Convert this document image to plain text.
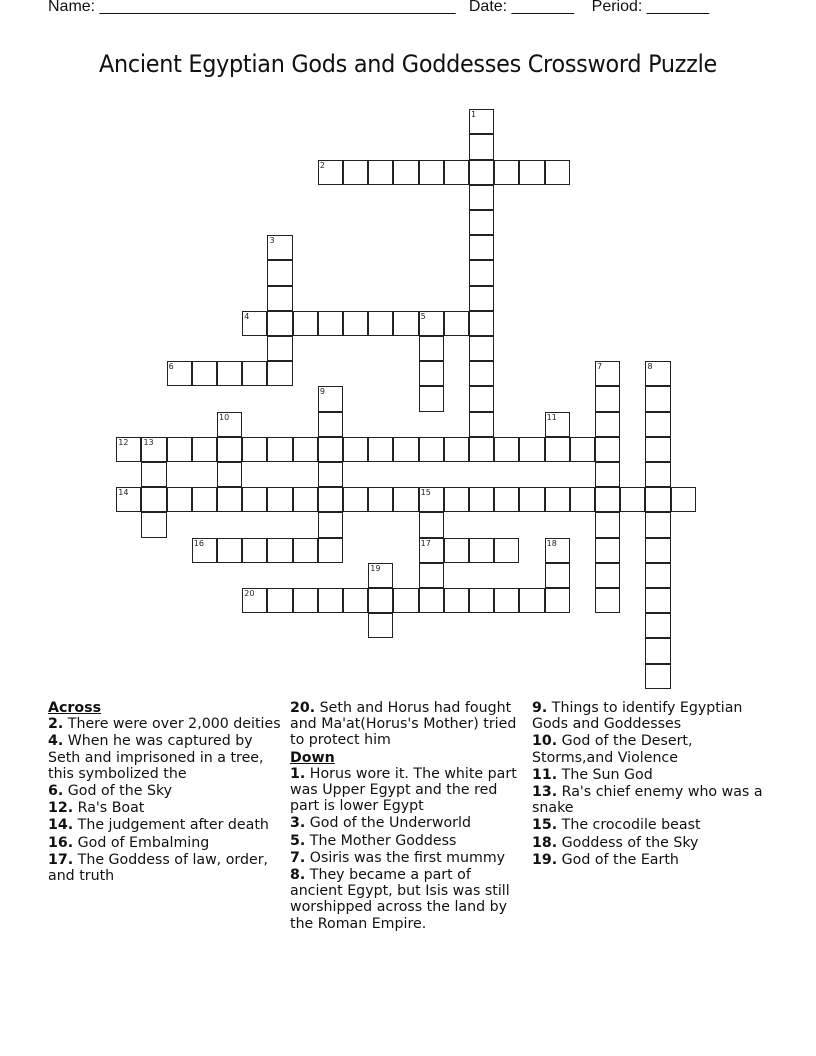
Name: ________________________________________ Date: _______ Period: _______
Ancient Egyptian Gods and Goddesses Crossword Puzzle
1
2
3
4	5
6	7	8
9
10	11
12 13
14	15
17
16	18
19
20
Across
2. There were over 2,000 deities
4. When he was captured by Seth and imprisoned in a tree, this symbolized the
6. God of the Sky
12. Ra's Boat
14. The judgement after death
16. God of Embalming
17. The Goddess of law, order, and truth
20. Seth and Horus had fought and Ma'at(Horus's Mother) tried to protect him
Down
1. Horus wore it. The white part was Upper Egypt and the red part is lower Egypt
3. God of the Underworld
5. The Mother Goddess
7. Osiris was the first mummy
8. They became a part of ancient Egypt, but Isis was still worshipped across the land by the Roman Empire.
9. Things to identify Egyptian Gods and Goddesses
10. God of the Desert, Storms,and Violence
11. The Sun God
13. Ra's chief enemy who was a snake
15. The crocodile beast
18. Goddess of the Sky
19. God of the Earth
